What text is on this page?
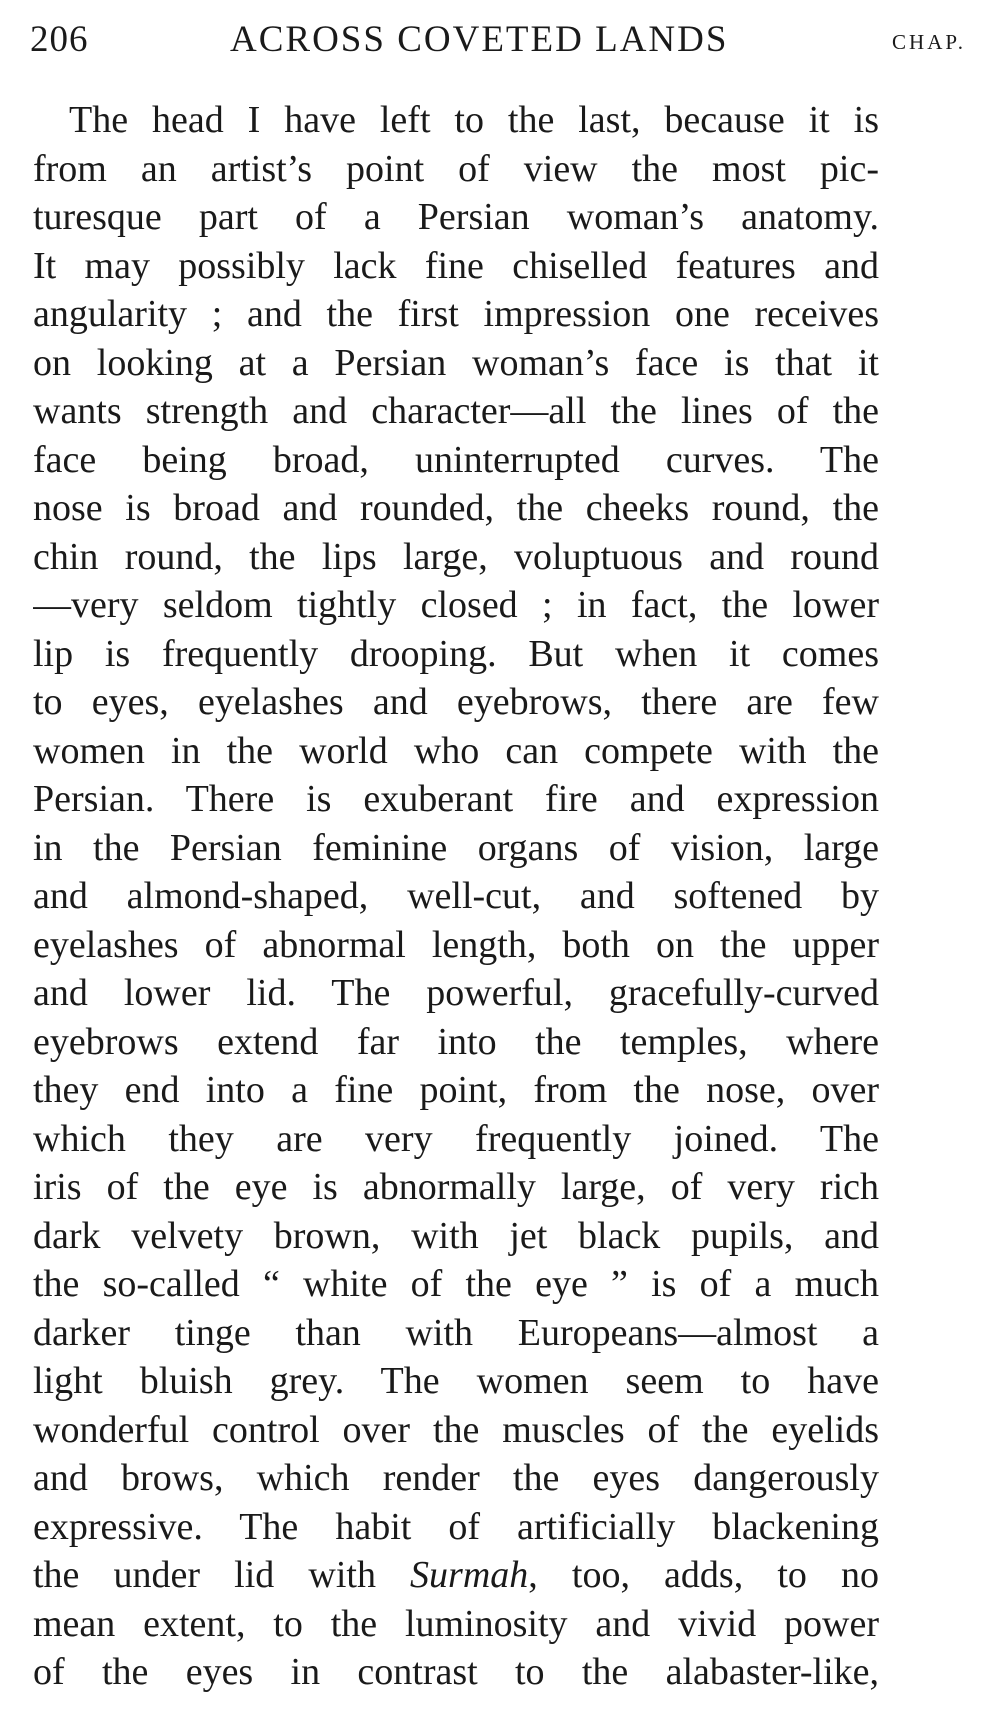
206	ACROSS COVETED LANDS	CHAP.
The head I have left to the last, because it is
from an artist’s point of view the most pic-
turesque part of a Persian woman’s anatomy.
It may possibly lack fine chiselled features and
angularity ; and the first impression one receives
on looking at a Persian woman’s face is that it
wants strength and character—all the lines of the
face being broad, uninterrupted curves. The
nose is broad and rounded, the cheeks round, the
chin round, the lips large, voluptuous and round
—very seldom tightly closed ; in fact, the lower
lip is frequently drooping. But when it comes
to eyes, eyelashes and eyebrows, there are few
women in the world who can compete with the
Persian. There is exuberant fire and expression
in the Persian feminine organs of vision, large
and almond-shaped, well-cut, and softened by
eyelashes of abnormal length, both on the upper
and lower lid. The powerful, gracefully-curved
eyebrows extend far into the temples, where
they end into a fine point, from the nose, over
which they are very frequently joined. The
iris of the eye is abnormally large, of very rich
dark velvety brown, with jet black pupils, and
the so-called “ white of the eye ” is of a much
darker tinge than with Europeans—almost a
light bluish grey. The women seem to have
wonderful control over the muscles of the eyelids
and brows, which render the eyes dangerously
expressive. The habit of artificially blackening
the under lid with Surmah, too, adds, to no
mean extent, to the luminosity and vivid power
of the eyes in contrast to the alabaster-like,
